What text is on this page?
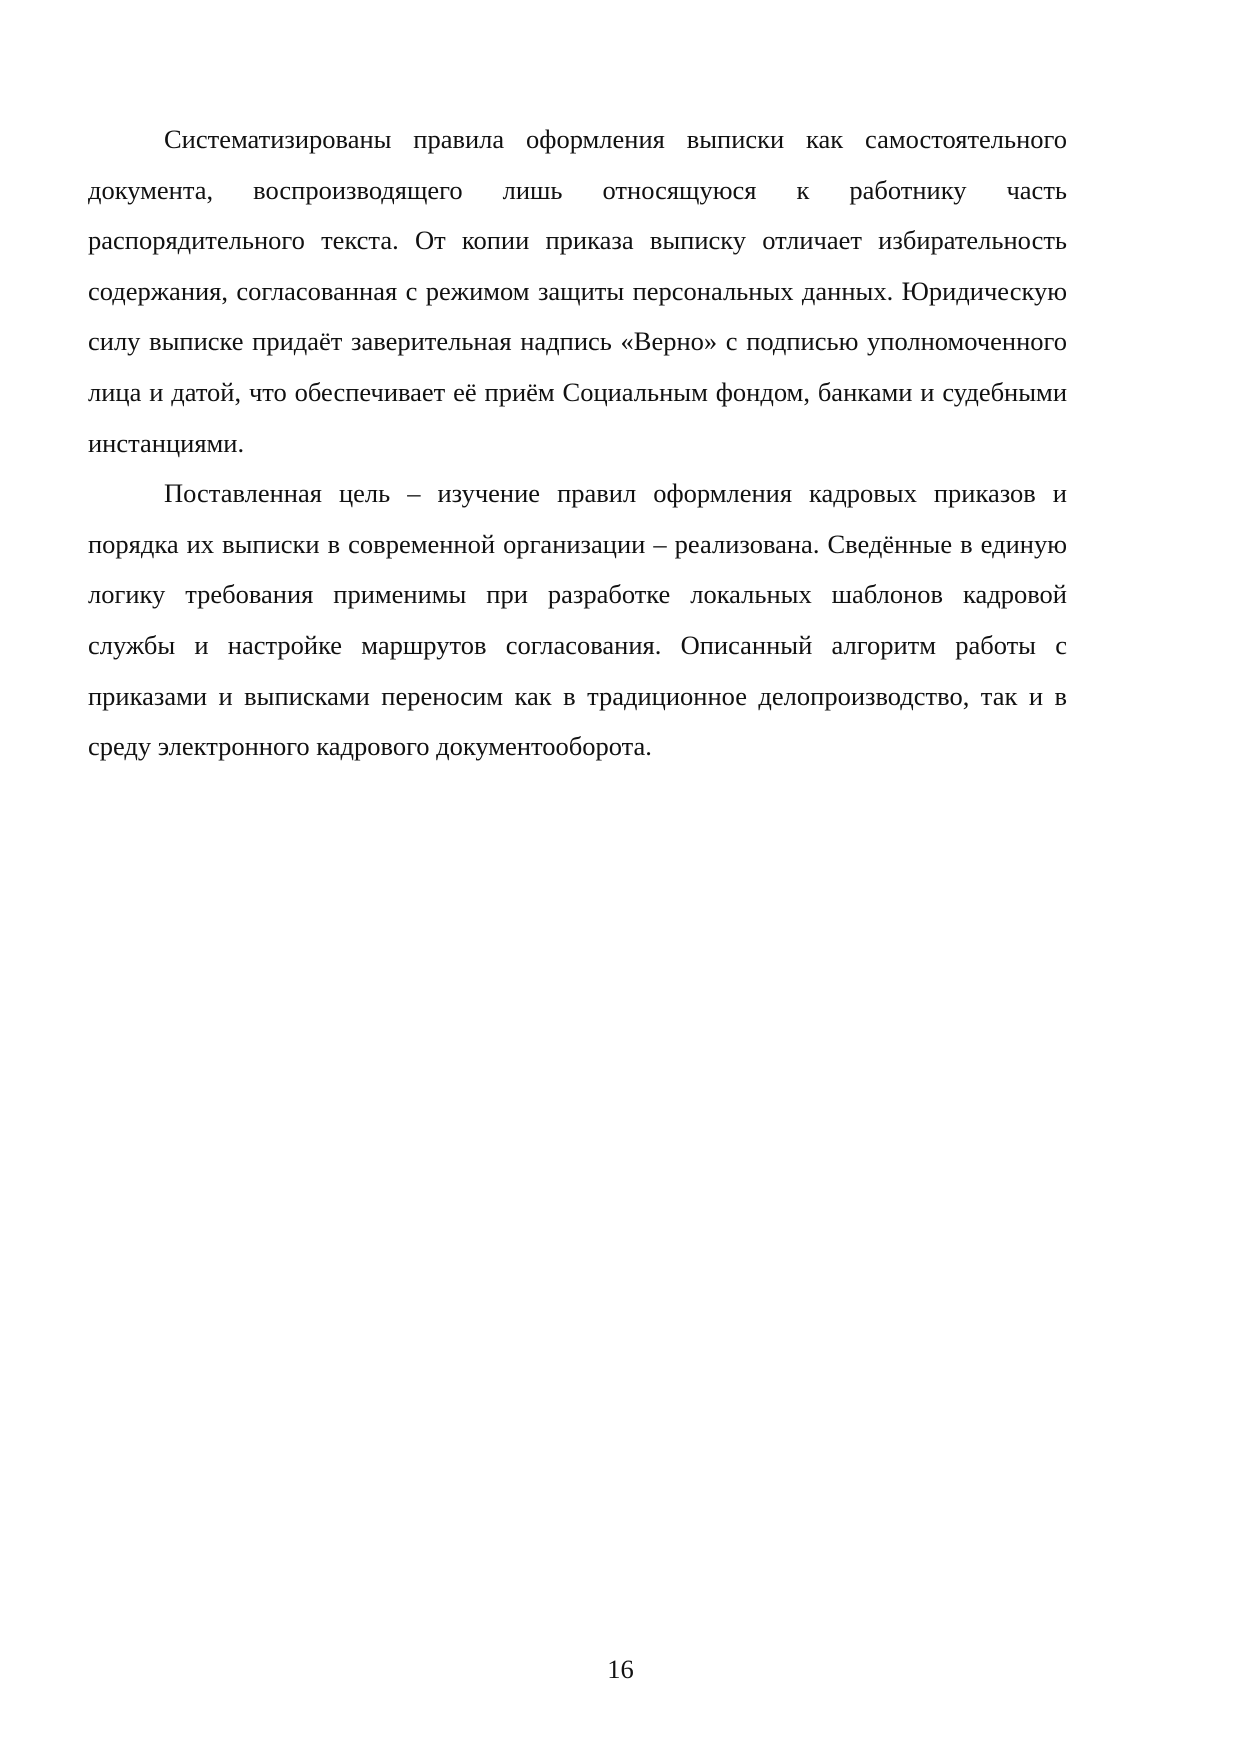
Систематизированы правила оформления выписки как самостоятельного документа, воспроизводящего лишь относящуюся к работнику часть распорядительного текста. От копии приказа выписку отличает избирательность содержания, согласованная с режимом защиты персональных данных. Юридическую силу выписке придаёт заверительная надпись «Верно» с подписью уполномоченного лица и датой, что обеспечивает её приём Социальным фондом, банками и судебными инстанциями.

Поставленная цель – изучение правил оформления кадровых приказов и порядка их выписки в современной организации – реализована. Сведённые в единую логику требования применимы при разработке локальных шаблонов кадровой службы и настройке маршрутов согласования. Описанный алгоритм работы с приказами и выписками переносим как в традиционное делопроизводство, так и в среду электронного кадрового документооборота.

16
